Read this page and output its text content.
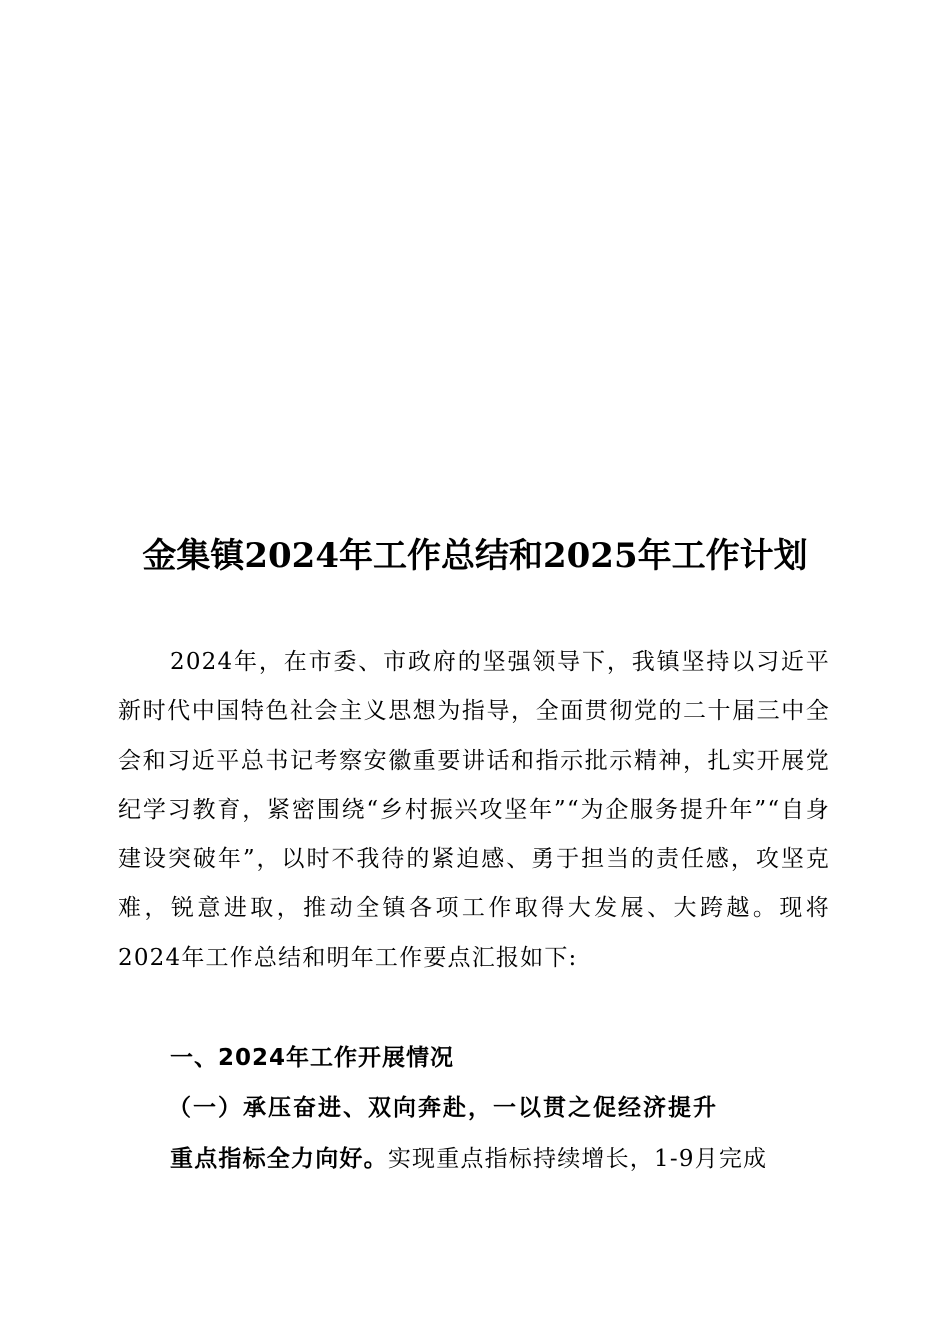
金集镇2024年工作总结和2025年工作计划

2024年，在市委、市政府的坚强领导下，我镇坚持以习近平新时代中国特色社会主义思想为指导，全面贯彻党的二十届三中全会和习近平总书记考察安徽重要讲话和指示批示精神，扎实开展党纪学习教育，紧密围绕“乡村振兴攻坚年”“为企服务提升年”“自身建设突破年”，以时不我待的紧迫感、勇于担当的责任感，攻坚克难，锐意进取，推动全镇各项工作取得大发展、大跨越。现将2024年工作总结和明年工作要点汇报如下:

一、2024年工作开展情况
（一）承压奋进、双向奔赴，一以贯之促经济提升

重点指标全力向好。实现重点指标持续增长，1-9月完成
